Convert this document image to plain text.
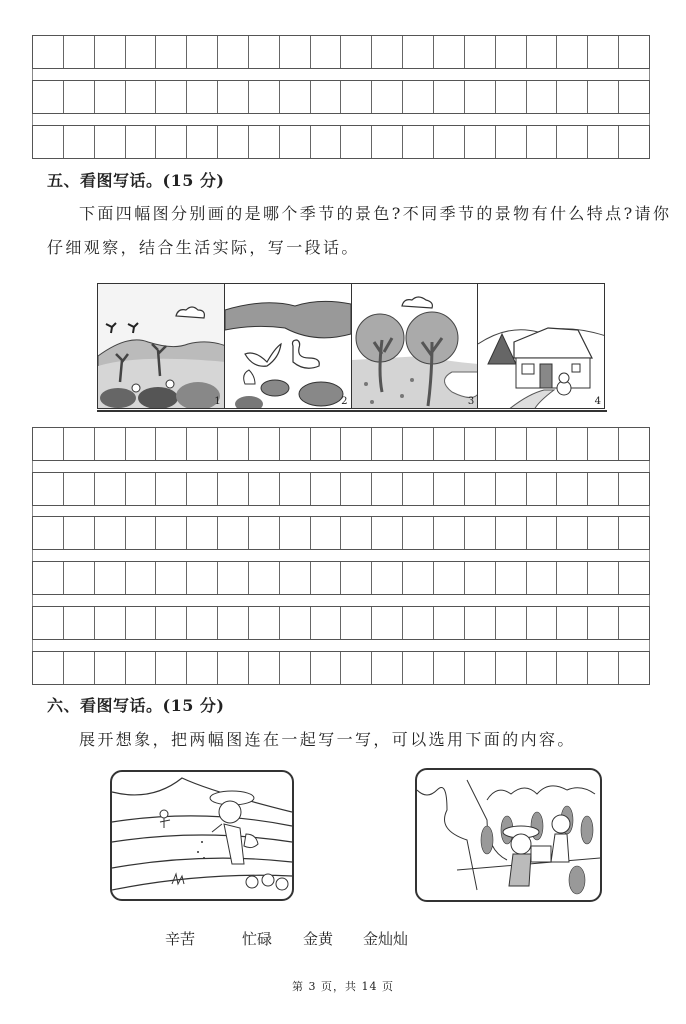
五、看图写话。(15 分)
下面四幅图分别画的是哪个季节的景色?不同季节的景物有什么特点?请你
仔细观察，结合生活实际，写一段话。
1	2	3	4
六、看图写话。(15 分)
展开想象，把两幅图连在一起写一写，可以选用下面的内容。
辛苦	忙碌 金黄 金灿灿
第 3 页，共 14 页
